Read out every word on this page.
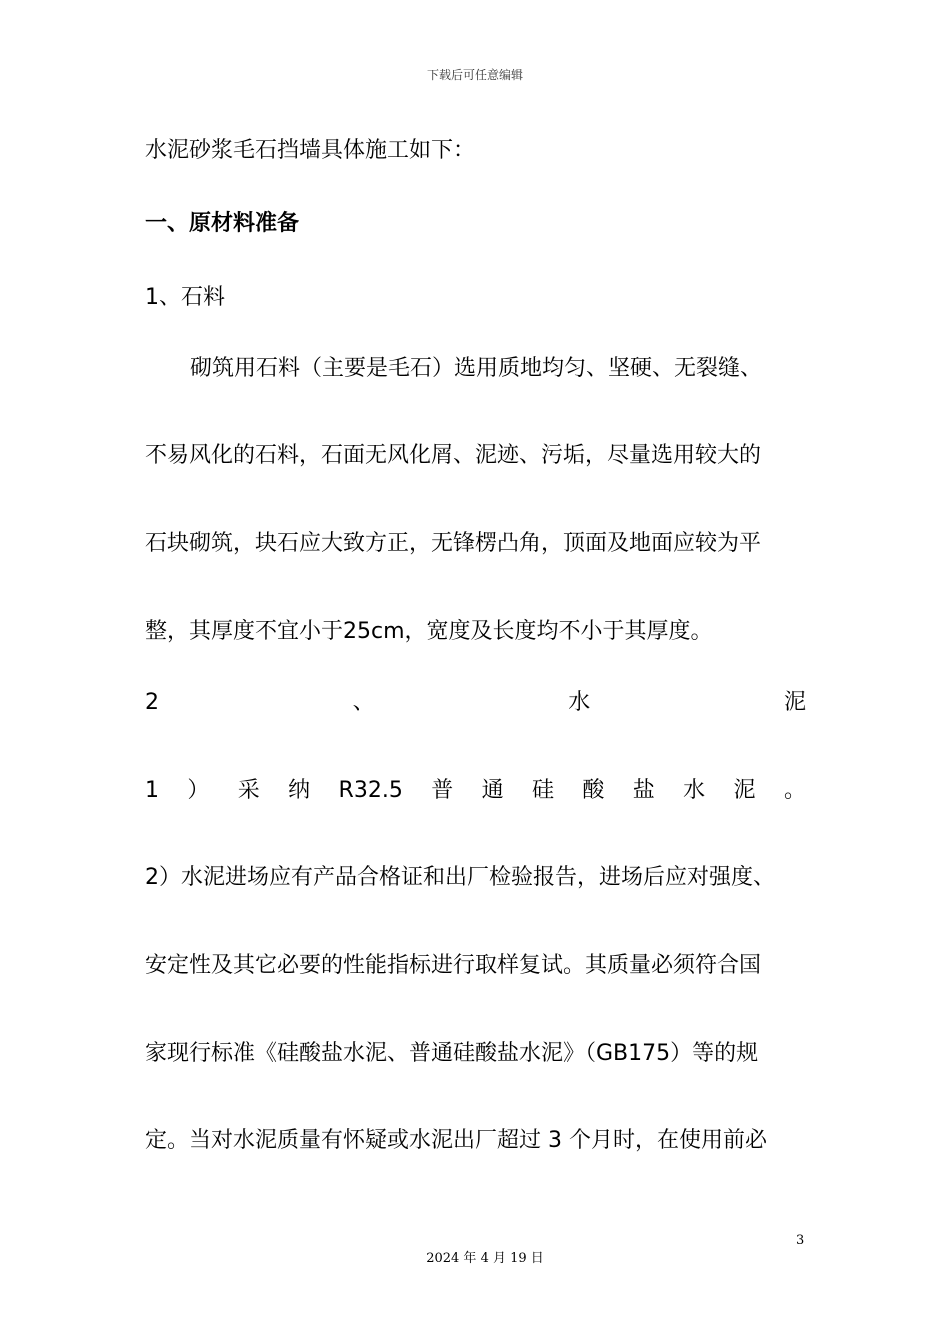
下载后可任意编辑
水泥砂浆毛石挡墙具体施工如下：
一、原材料准备
1、石料
砌筑用石料（主要是毛石）选用质地均匀、坚硬、无裂缝、
不易风化的石料，石面无风化屑、泥迹、污垢，尽量选用较大的
石块砌筑，块石应大致方正，无锋楞凸角，顶面及地面应较为平
整，其厚度不宜小于25cm，宽度及长度均不小于其厚度。
2	、	水	泥
1 ） 采 纳 R32.5 普 通 硅 酸 盐 水 泥 。
2）水泥进场应有产品合格证和出厂检验报告，进场后应对强度、
安定性及其它必要的性能指标进行取样复试。其质量必须符合国
家现行标准《硅酸盐水泥、普通硅酸盐水泥》（GB175）等的规
定。当对水泥质量有怀疑或水泥出厂超过 3 个月时，在使用前必
3
2024 年 4 月 19 日
